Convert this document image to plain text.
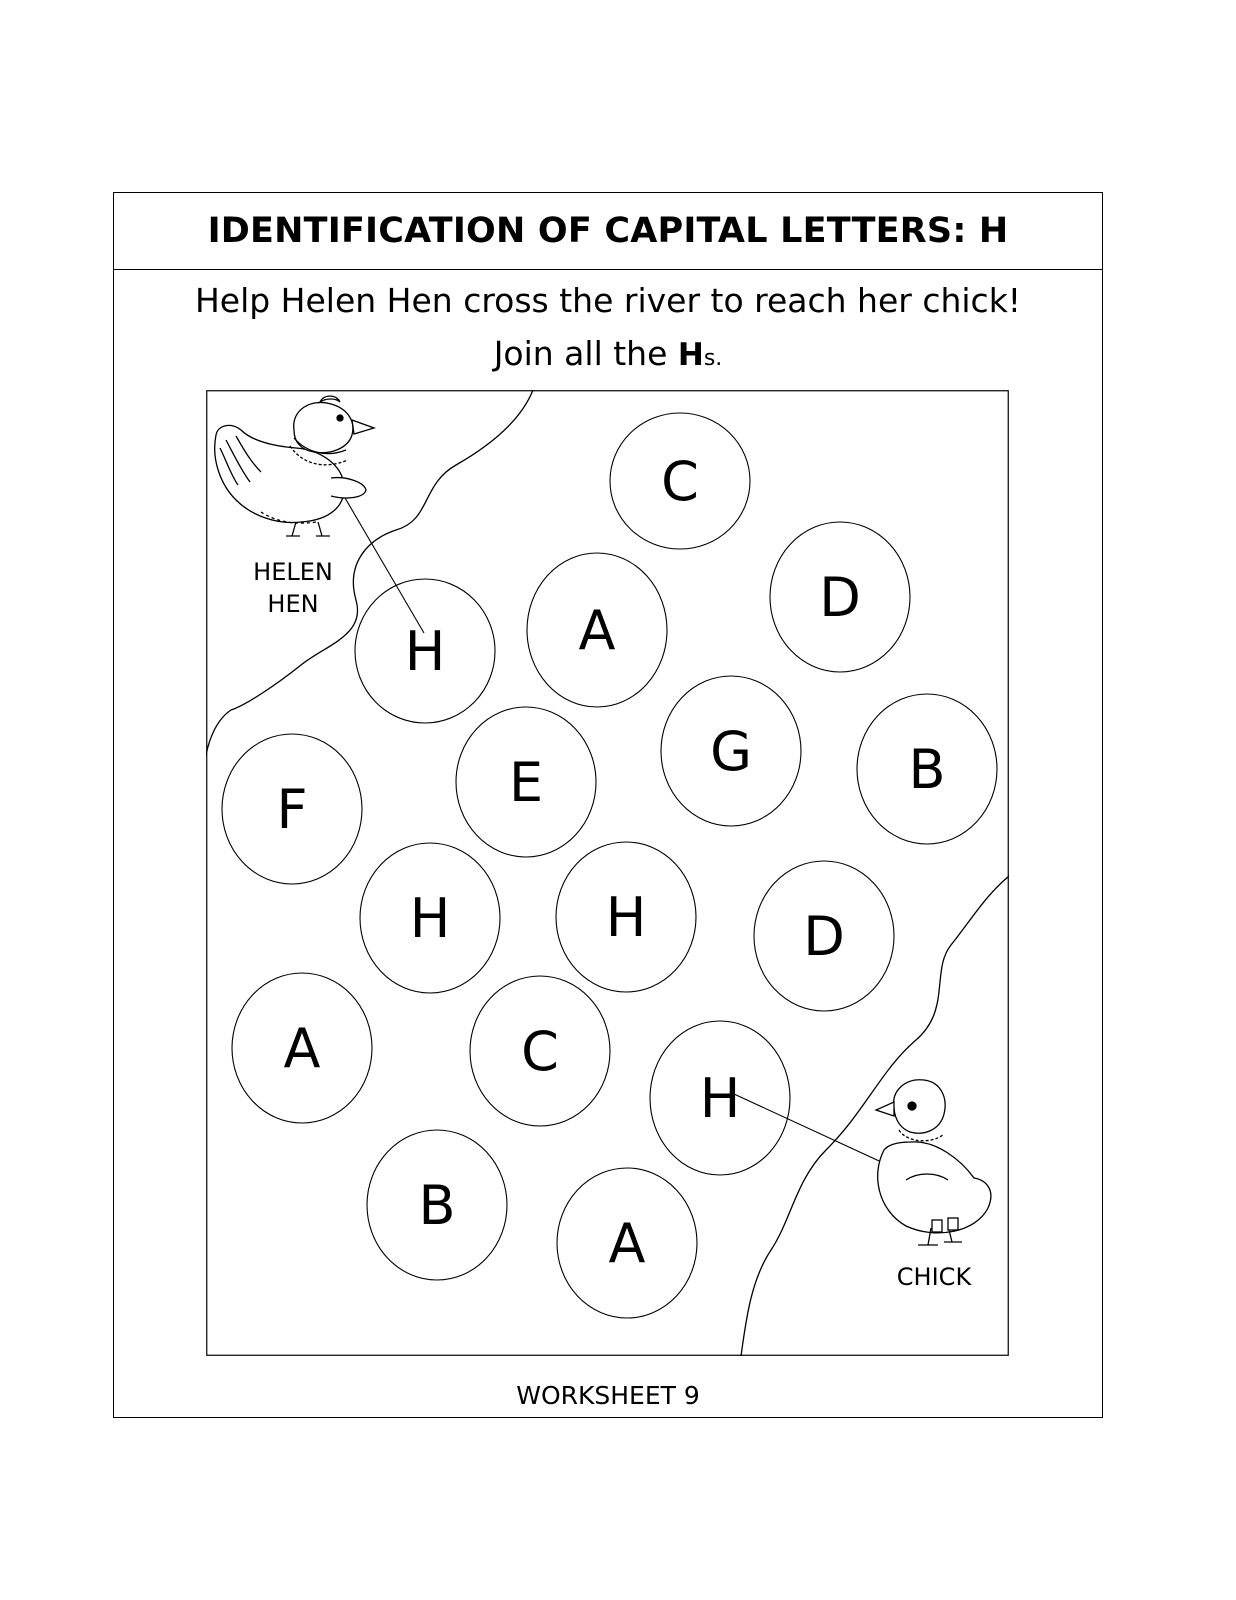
IDENTIFICATION OF CAPITAL LETTERS: H
Help Helen Hen cross the river to reach her chick!
Join all the Hs.
WORKSHEET 9
C
D
A
H
G	B
E
F
H	H	D
A	C
H
B
A
HELEN
HEN
CHICK
